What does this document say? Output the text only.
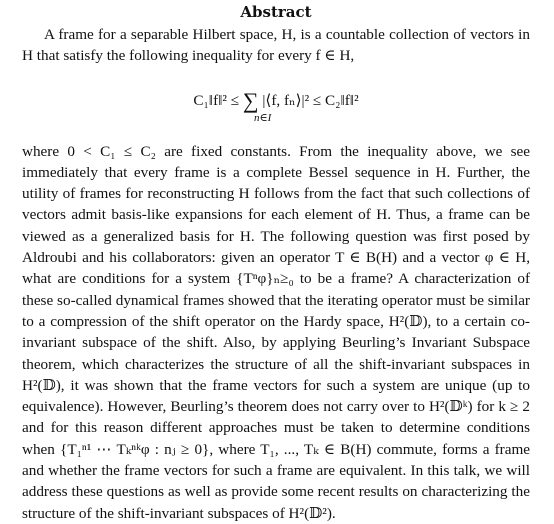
Abstract

A frame for a separable Hilbert space, H, is a countable collection of vectors in H that satisfy the following inequality for every f ∈ H,

C₁‖f‖² ≤ ∑ |⟨f, fₙ⟩|² ≤ C₂‖f‖²
n∈I

where 0 < C₁ ≤ C₂ are fixed constants. From the inequality above, we see immediately that every frame is a complete Bessel sequence in H. Further, the utility of frames for reconstructing H follows from the fact that such collections of vectors admit basis-like expansions for each element of H. Thus, a frame can be viewed as a generalized basis for H. The following question was first posed by Aldroubi and his collaborators: given an operator T ∈ B(H) and a vector φ ∈ H, what are conditions for a system {Tⁿφ}ₙ≥₀ to be a frame? A characterization of these so-called dynamical frames showed that the iterating operator must be similar to a compression of the shift operator on the Hardy space, H²(𝔻), to a certain co-invariant subspace of the shift. Also, by applying Beurling’s Invariant Subspace theorem, which characterizes the structure of all the shift-invariant subspaces in H²(𝔻), it was shown that the frame vectors for such a system are unique (up to equivalence). However, Beurling’s theorem does not carry over to H²(𝔻ᵏ) for k ≥ 2 and for this reason different approaches must be taken to determine conditions when {T₁ⁿ¹ ⋯ Tₖⁿᵏφ : nⱼ ≥ 0}, where T₁, ..., Tₖ ∈ B(H) commute, forms a frame and whether the frame vectors for such a frame are equivalent. In this talk, we will address these questions as well as provide some recent results on characterizing the structure of the shift-invariant subspaces of H²(𝔻²).
